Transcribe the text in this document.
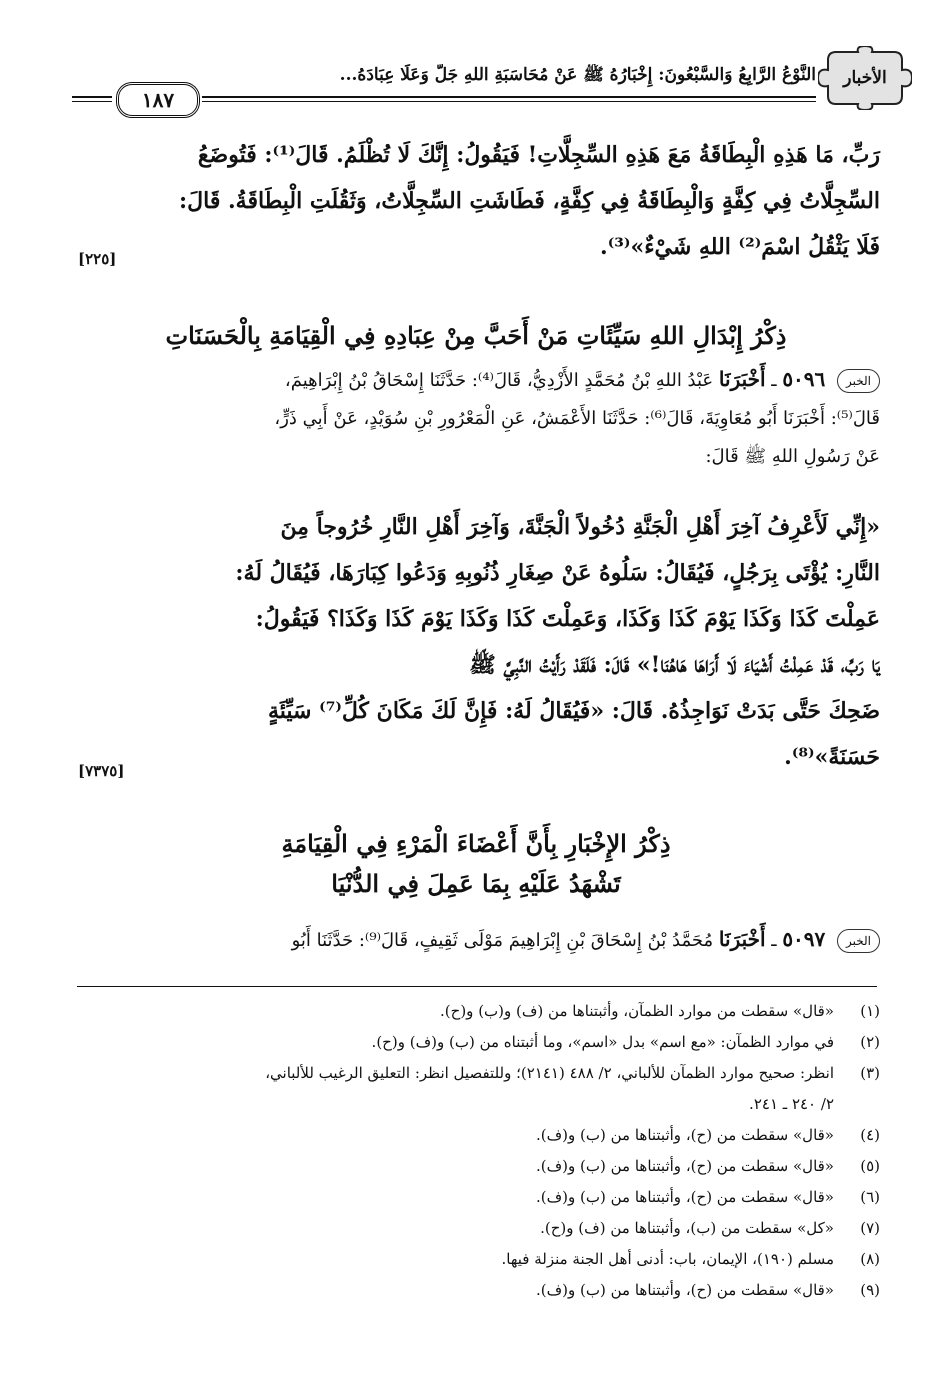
الأخبار
النَّوْعُ الرَّابِعُ وَالسَّبْعُونَ: إِخْبَارُهُ ﷺ عَنْ مُحَاسَبَةِ اللهِ جَلَّ وَعَلَا عِبَادَهُ...
١٨٧
رَبِّ، مَا هَذِهِ الْبِطَاقَةُ مَعَ هَذِهِ السِّجِلَّاتِ! فَيَقُولُ: إِنَّكَ لَا تُظْلَمُ. قَالَ⁽¹⁾: فَتُوضَعُ
السِّجِلَّاتُ فِي كِفَّةٍ وَالْبِطَاقَةُ فِي كِفَّةٍ، فَطَاشَتِ السِّجِلَّاتُ، وَثَقُلَتِ الْبِطَاقَةُ. قَالَ:
فَلَا يَثْقُلُ اسْمَ⁽²⁾ اللهِ شَيْءٌ»⁽³⁾.
[٢٢٥]
ذِكْرُ إِبْدَالِ اللهِ سَيِّئَاتِ مَنْ أَحَبَّ مِنْ عِبَادِهِ فِي الْقِيَامَةِ بِالْحَسَنَاتِ
الخبر ٥٠٩٦ ـ أَخْبَرَنَا عَبْدُ اللهِ بْنُ مُحَمَّدٍ الأَزْدِيُّ، قَالَ⁽⁴⁾: حَدَّثَنَا إِسْحَاقُ بْنُ إِبْرَاهِيمَ،
قَالَ⁽⁵⁾: أَخْبَرَنَا أَبُو مُعَاوِيَةَ، قَالَ⁽⁶⁾: حَدَّثَنَا الأَعْمَشُ، عَنِ الْمَعْرُورِ بْنِ سُوَيْدٍ، عَنْ أَبِي ذَرٍّ،
عَنْ رَسُولِ اللهِ ﷺ قَالَ:
«إِنِّي لَأَعْرِفُ آخِرَ أَهْلِ الْجَنَّةِ دُخُولاً الْجَنَّةَ، وَآخِرَ أَهْلِ النَّارِ خُرُوجاً مِنَ
النَّارِ: يُؤْتَى بِرَجُلٍ، فَيُقَالُ: سَلُوهُ عَنْ صِغَارِ ذُنُوبِهِ وَدَعُوا كِبَارَهَا، فَيُقَالُ لَهُ:
عَمِلْتَ كَذَا وَكَذَا يَوْمَ كَذَا وَكَذَا، وَعَمِلْتَ كَذَا وَكَذَا يَوْمَ كَذَا وَكَذَا؟ فَيَقُولُ:
يَا رَبِّ، قَدْ عَمِلْتُ أَشْيَاءَ لَا أَرَاهَا هَاهُنَا!» قَالَ: فَلَقَدْ رَأَيْتُ النَّبِيَّ ﷺ
ضَحِكَ حَتَّى بَدَتْ نَوَاجِذُهُ. قَالَ: «فَيُقَالُ لَهُ: فَإِنَّ لَكَ مَكَانَ كُلِّ⁽⁷⁾ سَيِّئَةٍ
حَسَنَةً»⁽⁸⁾.
[٧٣٧٥]
ذِكْرُ الإِخْبَارِ بِأَنَّ أَعْضَاءَ الْمَرْءِ فِي الْقِيَامَةِ
تَشْهَدُ عَلَيْهِ بِمَا عَمِلَ فِي الدُّنْيَا
الخبر ٥٠٩٧ ـ أَخْبَرَنَا مُحَمَّدُ بْنُ إِسْحَاقَ بْنِ إِبْرَاهِيمَ مَوْلَى ثَقِيفٍ، قَالَ⁽⁹⁾: حَدَّثَنَا أَبُو
(١)
«قال» سقطت من موارد الظمآن، وأثبتناها من (ف) و(ب) و(ح).
(٢)
في موارد الظمآن: «مع اسم» بدل «اسم»، وما أثبتناه من (ب) و(ف) و(ح).
(٣)
انظر: صحيح موارد الظمآن للألباني، ٢/ ٤٨٨ (٢١٤١)؛ وللتفصيل انظر: التعليق الرغيب للألباني،
٢/ ٢٤٠ ـ ٢٤١.
(٤)
«قال» سقطت من (ح)، وأثبتناها من (ب) و(ف).
(٥)
«قال» سقطت من (ح)، وأثبتناها من (ب) و(ف).
(٦)
«قال» سقطت من (ح)، وأثبتناها من (ب) و(ف).
(٧)
«كل» سقطت من (ب)، وأثبتناها من (ف) و(ح).
(٨)
مسلم (١٩٠)، الإيمان، باب: أدنى أهل الجنة منزلة فيها.
(٩)
«قال» سقطت من (ح)، وأثبتناها من (ب) و(ف).
